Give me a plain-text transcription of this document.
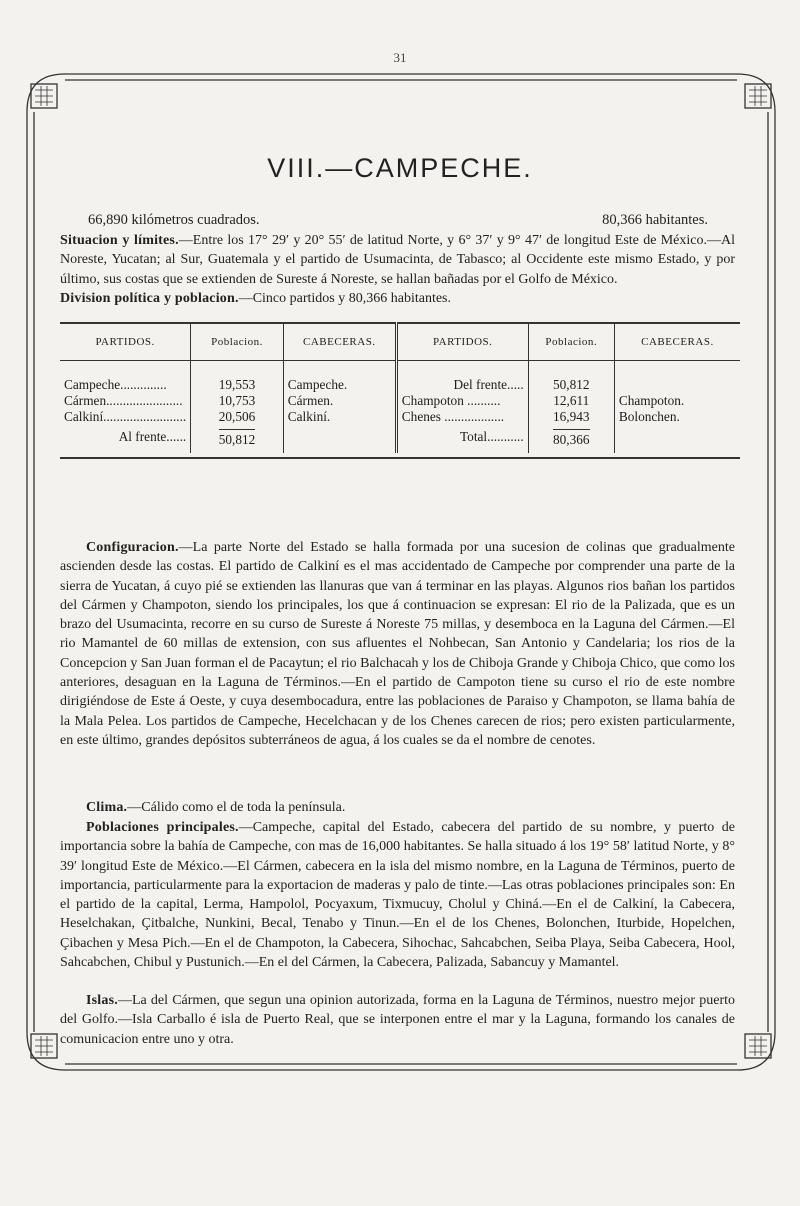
31
VIII.—CAMPECHE.
66,890 kilómetros cuadrados.	80,366 habitantes.
Situacion y límites.—Entre los 17° 29′ y 20° 55′ de latitud Norte, y 6° 37′ y 9° 47′ de longitud Este de México.—Al Noreste, Yucatan; al Sur, Guatemala y el partido de Usumacinta, de Tabasco; al Occidente este mismo Estado, y por último, sus costas que se extienden de Sureste á Noreste, se hallan bañadas por el Golfo de México.
Division política y poblacion.—Cinco partidos y 80,366 habitantes.
PARTIDOS.	Poblacion.	CABECERAS.	PARTIDOS.	Poblacion.	CABECERAS.

Campeche..............	19,553	Campeche.	Del frente.....	50,812	
Cármen.......................	10,753	Cármen.	Champoton ..........	12,611	Champoton.
Calkiní.........................	20,506	Calkiní.	Chenes ..................	16,943	Bolonchen.
Al frente......	50,812		Total...........	80,366	

Configuracion.—La parte Norte del Estado se halla formada por una sucesion de colinas que gradualmente ascienden desde las costas. El partido de Calkiní es el mas accidentado de Campeche por comprender una parte de la sierra de Yucatan, á cuyo pié se extienden las llanuras que van á terminar en las playas. Algunos rios bañan los partidos del Cármen y Champoton, siendo los principales, los que á continuacion se expresan: El rio de la Palizada, que es un brazo del Usumacinta, recorre en su curso de Sureste á Noreste 75 millas, y desemboca en la Laguna del Cármen.—El rio Mamantel de 60 millas de extension, con sus afluentes el Nohbecan, San Antonio y Candelaria; los rios de la Concepcion y San Juan forman el de Pacaytun; el rio Balchacah y los de Chiboja Grande y Chiboja Chico, que como los anteriores, desaguan en la Laguna de Términos.—En el partido de Campoton tiene su curso el rio de este nombre dirigiéndose de Este á Oeste, y cuya desembocadura, entre las poblaciones de Paraiso y Champoton, se llama bahía de la Mala Pelea. Los partidos de Campeche, Hecelchacan y de los Chenes carecen de rios; pero existen particularmente, en este último, grandes depósitos subterráneos de agua, á los cuales se da el nombre de cenotes.
Clima.—Cálido como el de toda la península.
Poblaciones principales.—Campeche, capital del Estado, cabecera del partido de su nombre, y puerto de importancia sobre la bahía de Campeche, con mas de 16,000 habitantes. Se halla situado á los 19° 58′ latitud Norte, y 8° 39′ longitud Este de México.—El Cármen, cabecera en la isla del mismo nombre, en la Laguna de Términos, puerto de importancia, particularmente para la exportacion de maderas y palo de tinte.—Las otras poblaciones principales son: En el partido de la capital, Lerma, Hampolol, Pocyaxum, Tixmucuy, Cholul y Chiná.—En el de Calkiní, la Cabecera, Heselchakan, Çitbalche, Nunkini, Becal, Tenabo y Tinun.—En el de los Chenes, Bolonchen, Iturbide, Hopelchen, Çibachen y Mesa Pich.—En el de Champoton, la Cabecera, Sihochac, Sahcabchen, Seiba Playa, Seiba Cabecera, Hool, Sahcabchen, Chibul y Pustunich.—En el del Cármen, la Cabecera, Palizada, Sabancuy y Mamantel.
Islas.—La del Cármen, que segun una opinion autorizada, forma en la Laguna de Términos, nuestro mejor puerto del Golfo.—Isla Carballo é isla de Puerto Real, que se interponen entre el mar y la Laguna, formando los canales de comunicacion entre uno y otra.
